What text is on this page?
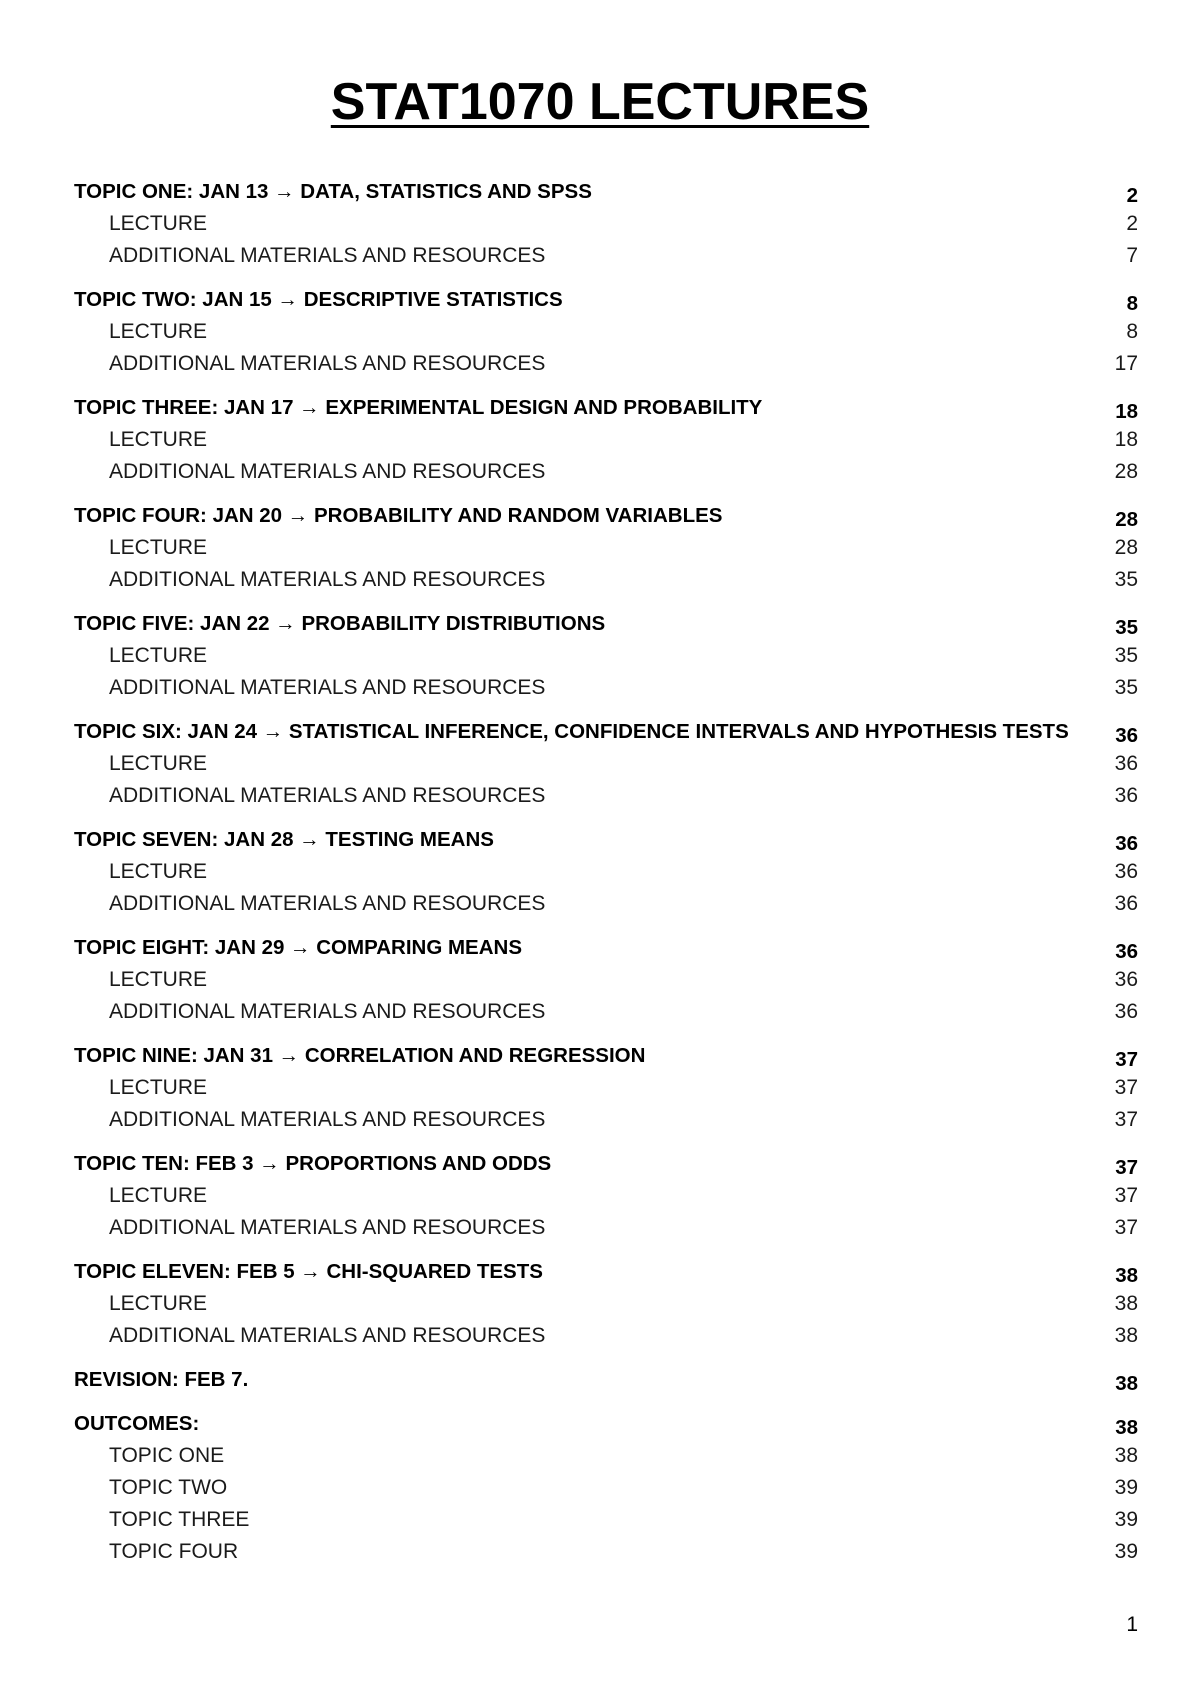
STAT1070 LECTURES
TOPIC ONE: JAN 13 → DATA, STATISTICS AND SPSS	2
LECTURE	2
ADDITIONAL MATERIALS AND RESOURCES	7
TOPIC TWO: JAN 15 → DESCRIPTIVE STATISTICS	8
LECTURE	8
ADDITIONAL MATERIALS AND RESOURCES	17
TOPIC THREE: JAN 17 → EXPERIMENTAL DESIGN AND PROBABILITY	18
LECTURE	18
ADDITIONAL MATERIALS AND RESOURCES	28
TOPIC FOUR: JAN 20 → PROBABILITY AND RANDOM VARIABLES	28
LECTURE	28
ADDITIONAL MATERIALS AND RESOURCES	35
TOPIC FIVE: JAN 22 → PROBABILITY DISTRIBUTIONS	35
LECTURE	35
ADDITIONAL MATERIALS AND RESOURCES	35
TOPIC SIX: JAN 24 → STATISTICAL INFERENCE, CONFIDENCE INTERVALS AND HYPOTHESIS TESTS	36
LECTURE	36
ADDITIONAL MATERIALS AND RESOURCES	36
TOPIC SEVEN: JAN 28 → TESTING MEANS	36
LECTURE	36
ADDITIONAL MATERIALS AND RESOURCES	36
TOPIC EIGHT: JAN 29 → COMPARING MEANS	36
LECTURE	36
ADDITIONAL MATERIALS AND RESOURCES	36
TOPIC NINE: JAN 31 → CORRELATION AND REGRESSION	37
LECTURE	37
ADDITIONAL MATERIALS AND RESOURCES	37
TOPIC TEN: FEB 3 → PROPORTIONS AND ODDS	37
LECTURE	37
ADDITIONAL MATERIALS AND RESOURCES	37
TOPIC ELEVEN: FEB 5 → CHI-SQUARED TESTS	38
LECTURE	38
ADDITIONAL MATERIALS AND RESOURCES	38
REVISION: FEB 7.	38
OUTCOMES:	38
TOPIC ONE	38
TOPIC TWO	39
TOPIC THREE	39
TOPIC FOUR	39
1
